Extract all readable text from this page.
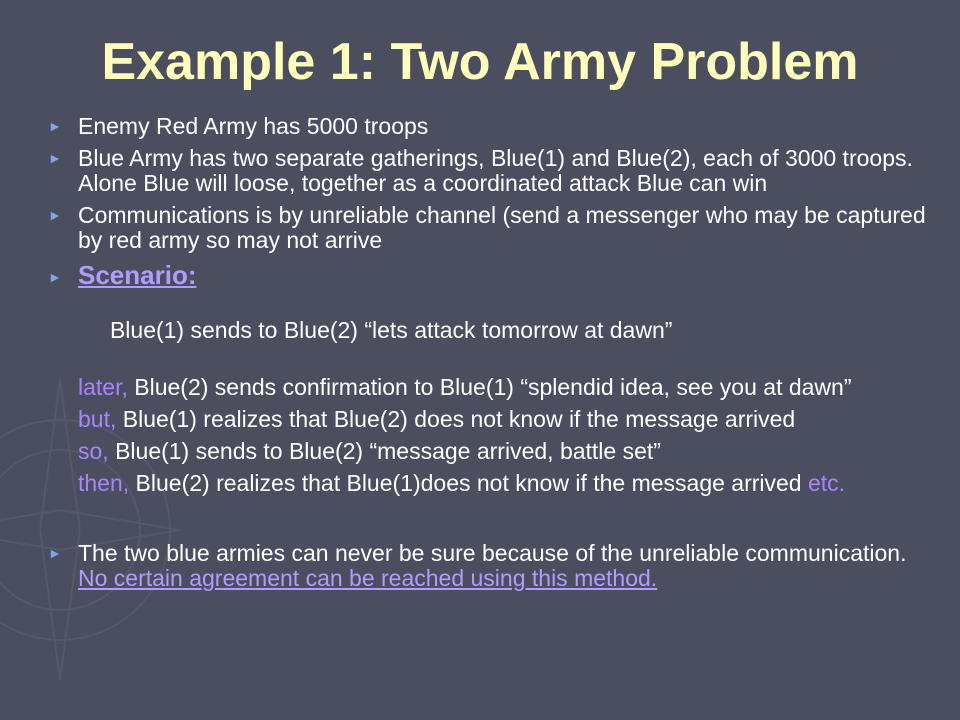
Example 1: Two Army Problem
► Enemy Red Army has 5000 troops
► Blue Army has two separate gatherings, Blue(1) and Blue(2), each of 3000 troops. Alone Blue will loose, together as a coordinated attack Blue can win
► Communications is by unreliable channel (send a messenger who may be captured by red army so may not arrive
► Scenario:

Blue(1) sends to Blue(2) “lets attack tomorrow at dawn”

later, Blue(2) sends confirmation to Blue(1) “splendid idea, see you at dawn”
but, Blue(1) realizes that Blue(2) does not know if the message arrived
so, Blue(1) sends to Blue(2) “message arrived, battle set”
then, Blue(2) realizes that Blue(1)does not know if the message arrived etc.
► The two blue armies can never be sure because of the unreliable communication. No certain agreement can be reached using this method.
